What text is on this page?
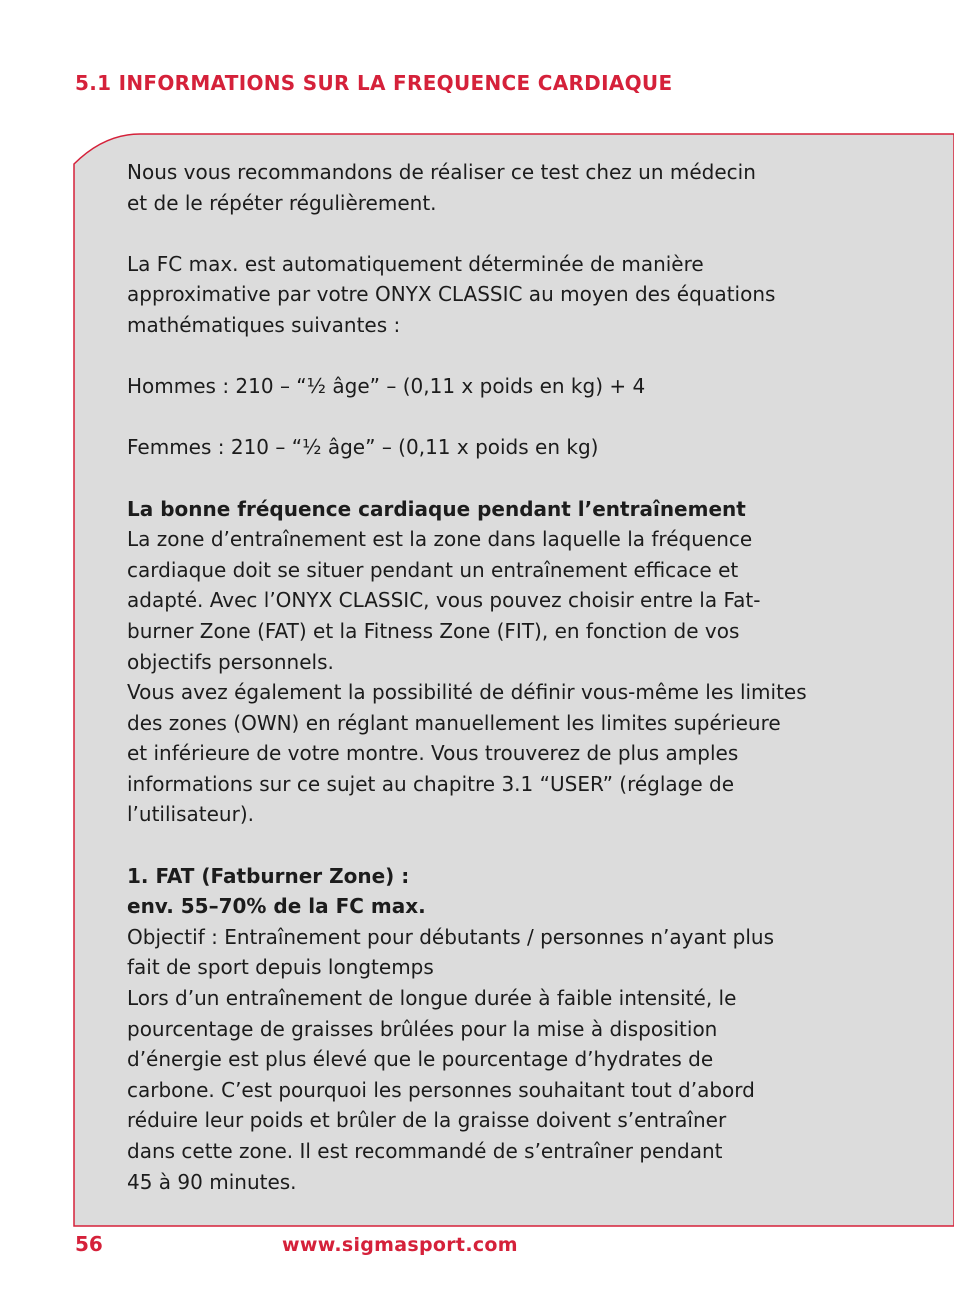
5.1 INFORMATIONS SUR LA FREQUENCE CARDIAQUE

Nous vous recommandons de réaliser ce test chez un médecin

et de le répéter régulièrement.

La FC max. est automatiquement déterminée de manière

approximative par votre ONYX CLASSIC au moyen des équations

mathématiques suivantes :

Hommes : 210 – “½ âge” – (0,11 x poids en kg) + 4

Femmes : 210 – “½ âge” – (0,11 x poids en kg)

La bonne fréquence cardiaque pendant l’entraînement

La zone d’entraînement est la zone dans laquelle la fréquence

cardiaque doit se situer pendant un entraînement efficace et

adapté. Avec l’ONYX CLASSIC, vous pouvez choisir entre la Fat-

burner Zone (FAT) et la Fitness Zone (FIT), en fonction de vos

objectifs personnels.

Vous avez également la possibilité de définir vous-même les limites

des zones (OWN) en réglant manuellement les limites supérieure

et inférieure de votre montre. Vous trouverez de plus amples

informations sur ce sujet au chapitre 3.1 “USER” (réglage de

l’utilisateur).

1. FAT (Fatburner Zone) :

env. 55–70% de la FC max.

Objectif : Entraînement pour débutants / personnes n’ayant plus

fait de sport depuis longtemps

Lors d’un entraînement de longue durée à faible intensité, le

pourcentage de graisses brûlées pour la mise à disposition

d’énergie est plus élevé que le pourcentage d’hydrates de

carbone. C’est pourquoi les personnes souhaitant tout d’abord

réduire leur poids et brûler de la graisse doivent s’entraîner

dans cette zone. Il est recommandé de s’entraîner pendant

45 à 90 minutes.

56	www.sigmasport.com
